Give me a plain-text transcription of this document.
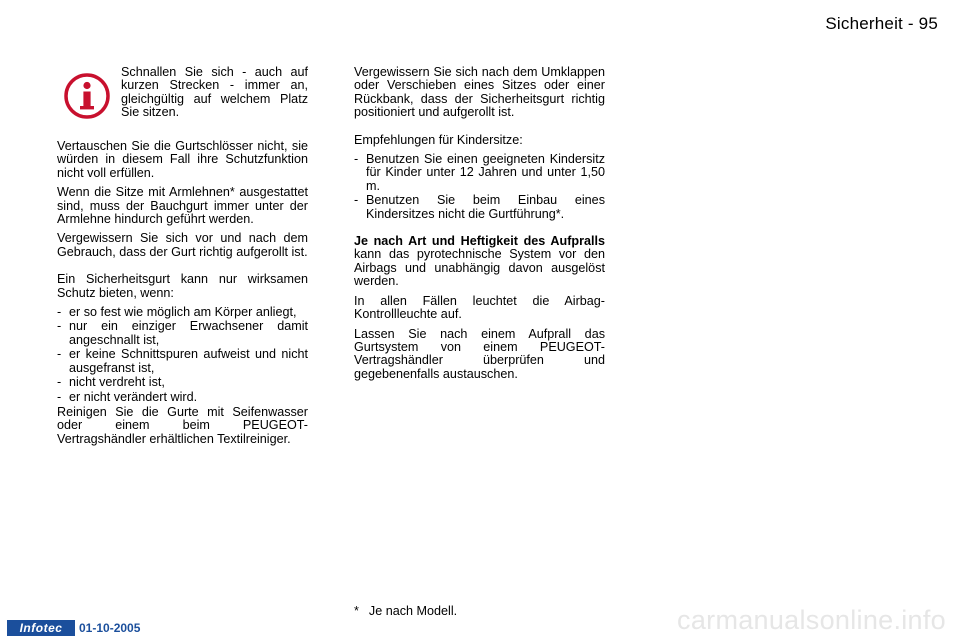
Sicherheit - 95

Schnallen Sie sich - auch auf kurzen Strecken - immer an, gleichgültig auf welchem Platz Sie sitzen.

Vertauschen Sie die Gurtschlösser nicht, sie würden in diesem Fall ihre Schutzfunktion nicht voll erfüllen.

Wenn die Sitze mit Armlehnen* ausgestattet sind, muss der Bauchgurt immer unter der Armlehne hindurch geführt werden.

Vergewissern Sie sich vor und nach dem Gebrauch, dass der Gurt richtig aufgerollt ist.

Ein Sicherheitsgurt kann nur wirksamen Schutz bieten, wenn:

- er so fest wie möglich am Körper anliegt,
- nur ein einziger Erwachsener damit angeschnallt ist,
- er keine Schnittspuren aufweist und nicht ausgefranst ist,
- nicht verdreht ist,
- er nicht verändert wird.

Reinigen Sie die Gurte mit Seifenwasser oder einem beim PEUGEOT-Vertragshändler erhältlichen Textilreiniger.

Vergewissern Sie sich nach dem Umklappen oder Verschieben eines Sitzes oder einer Rückbank, dass der Sicherheitsgurt richtig positioniert und aufgerollt ist.

Empfehlungen für Kindersitze:

- Benutzen Sie einen geeigneten Kindersitz für Kinder unter 12 Jahren und unter 1,50 m.
- Benutzen Sie beim Einbau eines Kindersitzes nicht die Gurtführung*.

Je nach Art und Heftigkeit des Aufpralls kann das pyrotechnische System vor den Airbags und unabhängig davon ausgelöst werden.

In allen Fällen leuchtet die Airbag-Kontrollleuchte auf.

Lassen Sie nach einem Aufprall das Gurtsystem von einem PEUGEOT-Vertragshändler überprüfen und gegebenenfalls austauschen.

* Je nach Modell.
Infotec	01-10-2005	carmanualsonline.info
